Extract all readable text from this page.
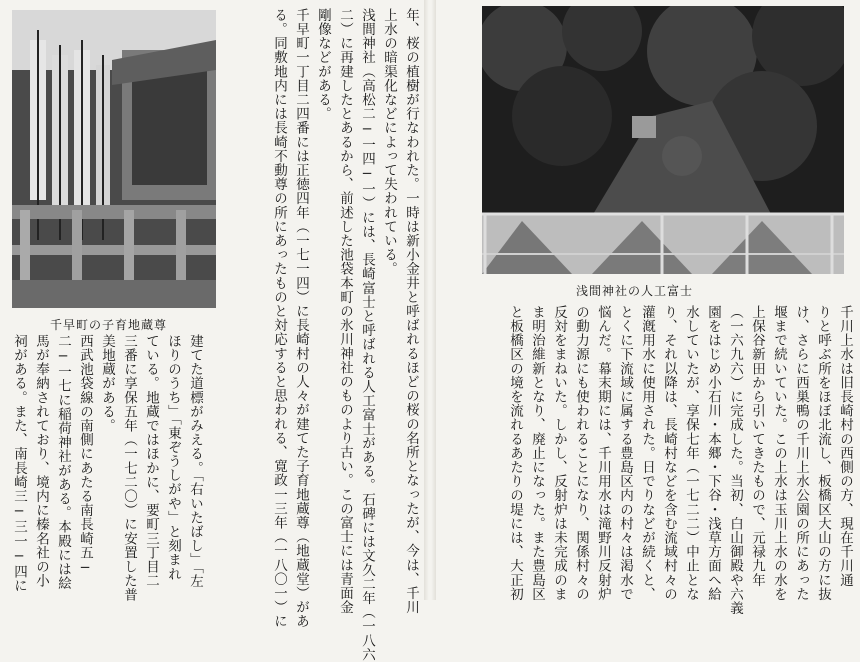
千早町の子育地蔵尊	年、桜の植樹が行なわれた。一時は新小金井と呼ばれるほどの桜の名所となったが、今は、千川

上水の暗渠化などによって失われている。

浅間神社（高松二−一四−一）には、長崎富士と呼ばれる人工富士がある。石碑には文久二年（一八六

二）に再建したとあるから、前述した池袋本町の氷川神社のものより古い。この富士には青面金

剛像などがある。

千早町一丁目二四番には正徳四年（一七一四）に長崎村の人々が建てた子育地蔵尊（地蔵堂）があ

る。同敷地内には長崎不動尊の所にあったものと対応すると思われる、寛政一三年（一八〇一）に

建てた道標がみえる。「右いたばし」「左

ほりのうち」「東ぞうしがや」と刻まれ

ている。地蔵ではほかに、要町三丁目二

三番に享保五年（一七二〇）に安置した普

美地蔵がある。

西武池袋線の南側にあたる南長崎五−

二−一七に稲荷神社がある。本殿には絵

馬が奉納されており、境内に榛名社の小

祠がある。また、南長崎三−三一−四に

浅間神社の人工富士

千川上水は旧長崎村の西側の方、現在千川通

りと呼ぶ所をほぼ北流し、板橋区大山の方に抜

け、さらに西巣鴨の千川上水公園の所にあった

堰まで続いていた。この上水は玉川上水の水を

上保谷新田から引いてきたもので、元禄九年

（一六九六）に完成した。当初、白山御殿や六義

園をはじめ小石川・本郷・下谷・浅草方面へ給

水していたが、享保七年（一七二二）中止とな

り、それ以降は、長崎村などを含む流域村々の

灌漑用水に使用された。日でりなどが続くと、

とくに下流域に属する豊島区内の村々は渇水で

悩んだ。幕末期には、千川用水は滝野川反射炉

の動力源にも使われることになり、関係村々の

反対をまねいた。しかし、反射炉は未完成のま

ま明治維新となり、廃止になった。また豊島区

と板橋区の境を流れるあたりの堤には、大正初
